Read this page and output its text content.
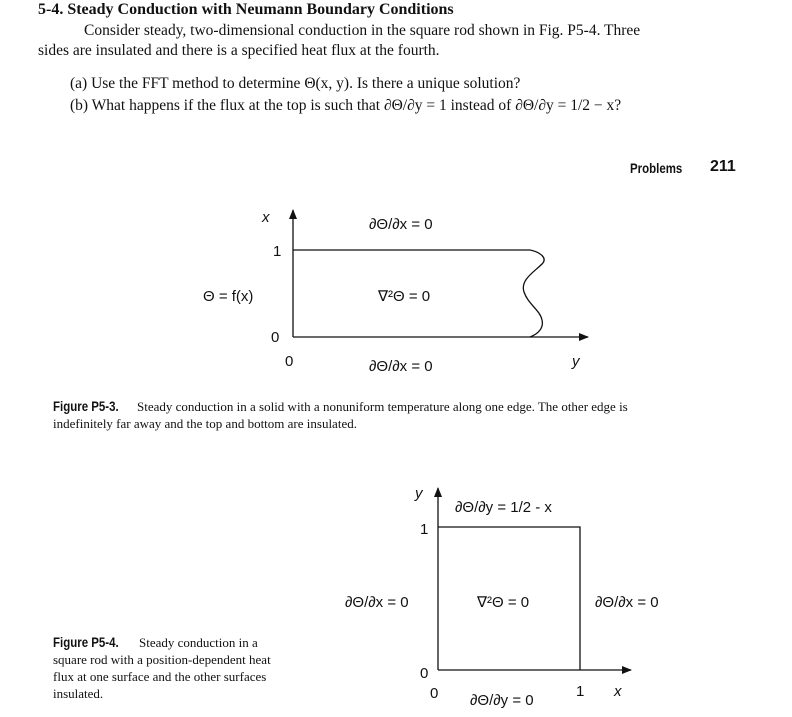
5-4. Steady Conduction with Neumann Boundary Conditions
Consider steady, two-dimensional conduction in the square rod shown in Fig. P5-4. Three
sides are insulated and there is a specified heat flux at the fourth.
(a) Use the FFT method to determine Θ(x, y). Is there a unique solution?
(b) What happens if the flux at the top is such that ∂Θ/∂y = 1 instead of ∂Θ/∂y = 1/2 − x?
Problems 211
x
1
0
0	y
∂Θ/∂x = 0
∂Θ/∂x = 0
Θ = f(x)	∇²Θ = 0
y
1
0
0	1 x
∂Θ/∂y = 1/2 - x
∂Θ/∂y = 0
∂Θ/∂x = 0	∂Θ/∂x = 0
∇²Θ = 0
Figure P5-3. Steady conduction in a solid with a nonuniform temperature along one edge. The other edge is
indefinitely far away and the top and bottom are insulated.
Figure P5-4. Steady conduction in a
square rod with a position-dependent heat
flux at one surface and the other surfaces
insulated.
